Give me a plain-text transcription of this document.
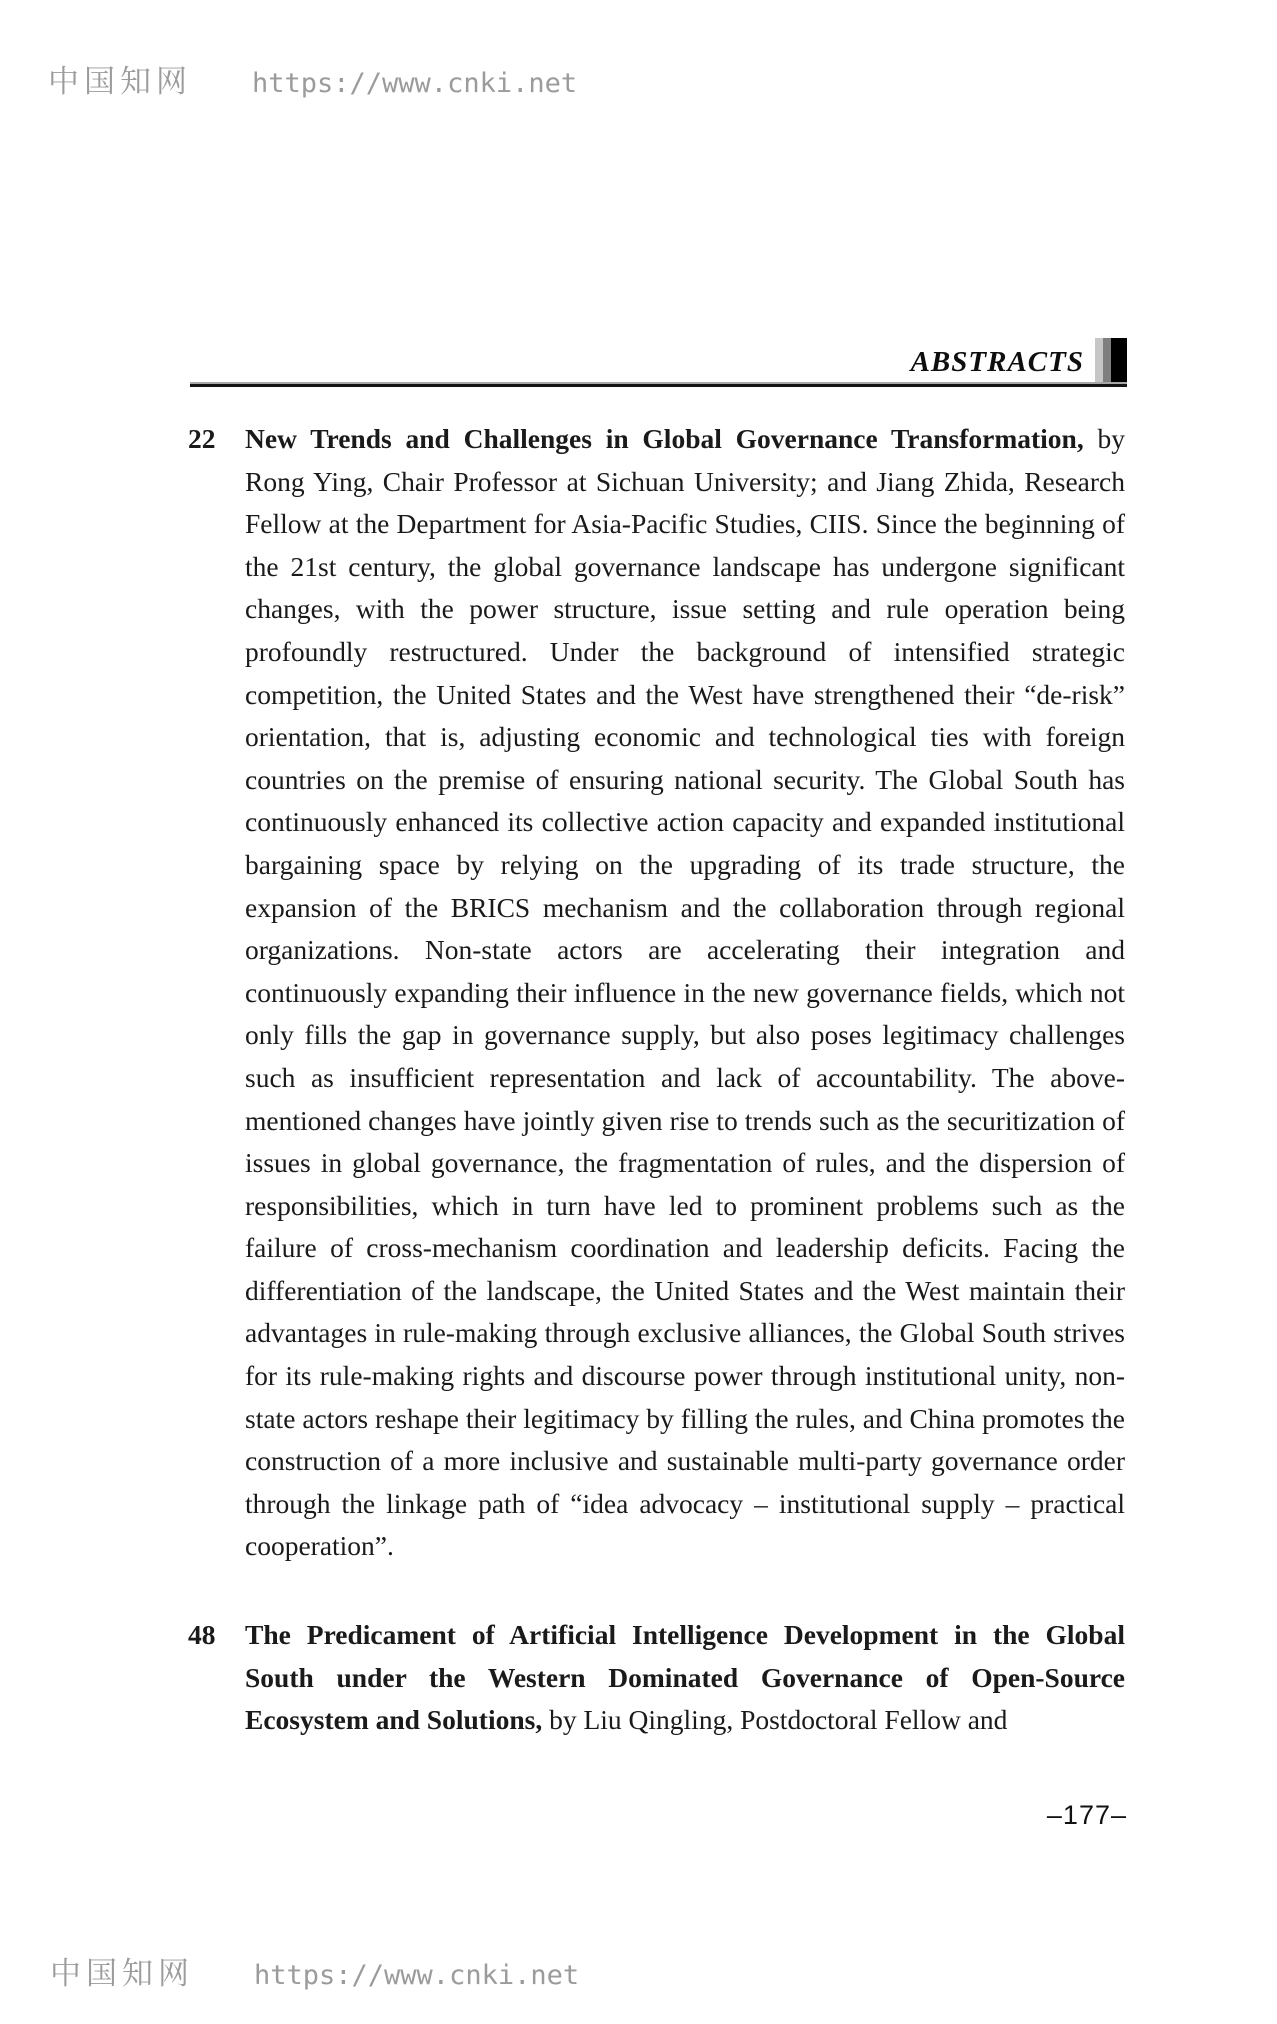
中国知网 https://www.cnki.net
ABSTRACTS
22	New Trends and Challenges in Global Governance Transformation, by Rong Ying, Chair Professor at Sichuan University; and Jiang Zhida, Research Fellow at the Department for Asia-Pacific Studies, CIIS. Since the beginning of the 21st century, the global governance landscape has undergone significant changes, with the power structure, issue setting and rule operation being profoundly restructured. Under the background of intensified strategic competition, the United States and the West have strengthened their “de-risk” orientation, that is, adjusting economic and technological ties with foreign countries on the premise of ensuring national security. The Global South has continuously enhanced its collective action capacity and expanded institutional bargaining space by relying on the upgrading of its trade structure, the expansion of the BRICS mechanism and the collaboration through regional organizations. Non-state actors are accelerating their integration and continuously expanding their influence in the new governance fields, which not only fills the gap in governance supply, but also poses legitimacy challenges such as insufficient representation and lack of accountability. The above-mentioned changes have jointly given rise to trends such as the securitization of issues in global governance, the fragmentation of rules, and the dispersion of responsibilities, which in turn have led to prominent problems such as the failure of cross-mechanism coordination and leadership deficits. Facing the differentiation of the landscape, the United States and the West maintain their advantages in rule-making through exclusive alliances, the Global South strives for its rule-making rights and discourse power through institutional unity, non-state actors reshape their legitimacy by filling the rules, and China promotes the construction of a more inclusive and sustainable multi-party governance order through the linkage path of “idea advocacy – institutional supply – practical cooperation”.
48	The Predicament of Artificial Intelligence Development in the Global South under the Western Dominated Governance of Open-Source Ecosystem and Solutions, by Liu Qingling, Postdoctoral Fellow and
–177–
中国知网 https://www.cnki.net
